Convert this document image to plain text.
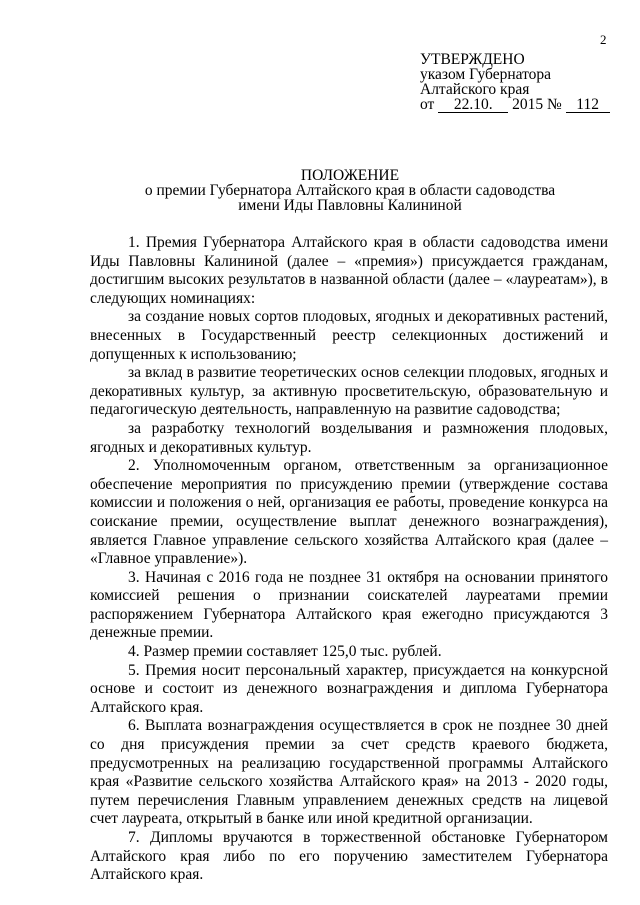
2
УТВЕРЖДЕНО
указом Губернатора
Алтайского края
от 22.10. 2015 № 112
ПОЛОЖЕНИЕ
о премии Губернатора Алтайского края в области садоводства
имени Иды Павловны Калининой

1. Премия Губернатора Алтайского края в области садоводства имени Иды Павловны Калининой (далее – «премия») присуждается гражданам, достигшим высоких результатов в названной области (далее – «лауреатам»), в следующих номинациях:

за создание новых сортов плодовых, ягодных и декоративных растений, внесенных в Государственный реестр селекционных достижений и допущенных к использованию;

за вклад в развитие теоретических основ селекции плодовых, ягодных и декоративных культур, за активную просветительскую, образовательную и педагогическую деятельность, направленную на развитие садоводства;

за разработку технологий возделывания и размножения плодовых, ягодных и декоративных культур.

2. Уполномоченным органом, ответственным за организационное обеспечение мероприятия по присуждению премии (утверждение состава комиссии и положения о ней, организация ее работы, проведение конкурса на соискание премии, осуществление выплат денежного вознаграждения), является Главное управление сельского хозяйства Алтайского края (далее – «Главное управление»).

3. Начиная с 2016 года не позднее 31 октября на основании принятого комиссией решения о признании соискателей лауреатами премии распоряжением Губернатора Алтайского края ежегодно присуждаются 3 денежные премии.

4. Размер премии составляет 125,0 тыс. рублей.

5. Премия носит персональный характер, присуждается на конкурсной основе и состоит из денежного вознаграждения и диплома Губернатора Алтайского края.

6. Выплата вознаграждения осуществляется в срок не позднее 30 дней со дня присуждения премии за счет средств краевого бюджета, предусмотренных на реализацию государственной программы Алтайского края «Развитие сельского хозяйства Алтайского края» на 2013 - 2020 годы, путем перечисления Главным управлением денежных средств на лицевой счет лауреата, открытый в банке или иной кредитной организации.

7. Дипломы вручаются в торжественной обстановке Губернатором Алтайского края либо по его поручению заместителем Губернатора Алтайского края.
